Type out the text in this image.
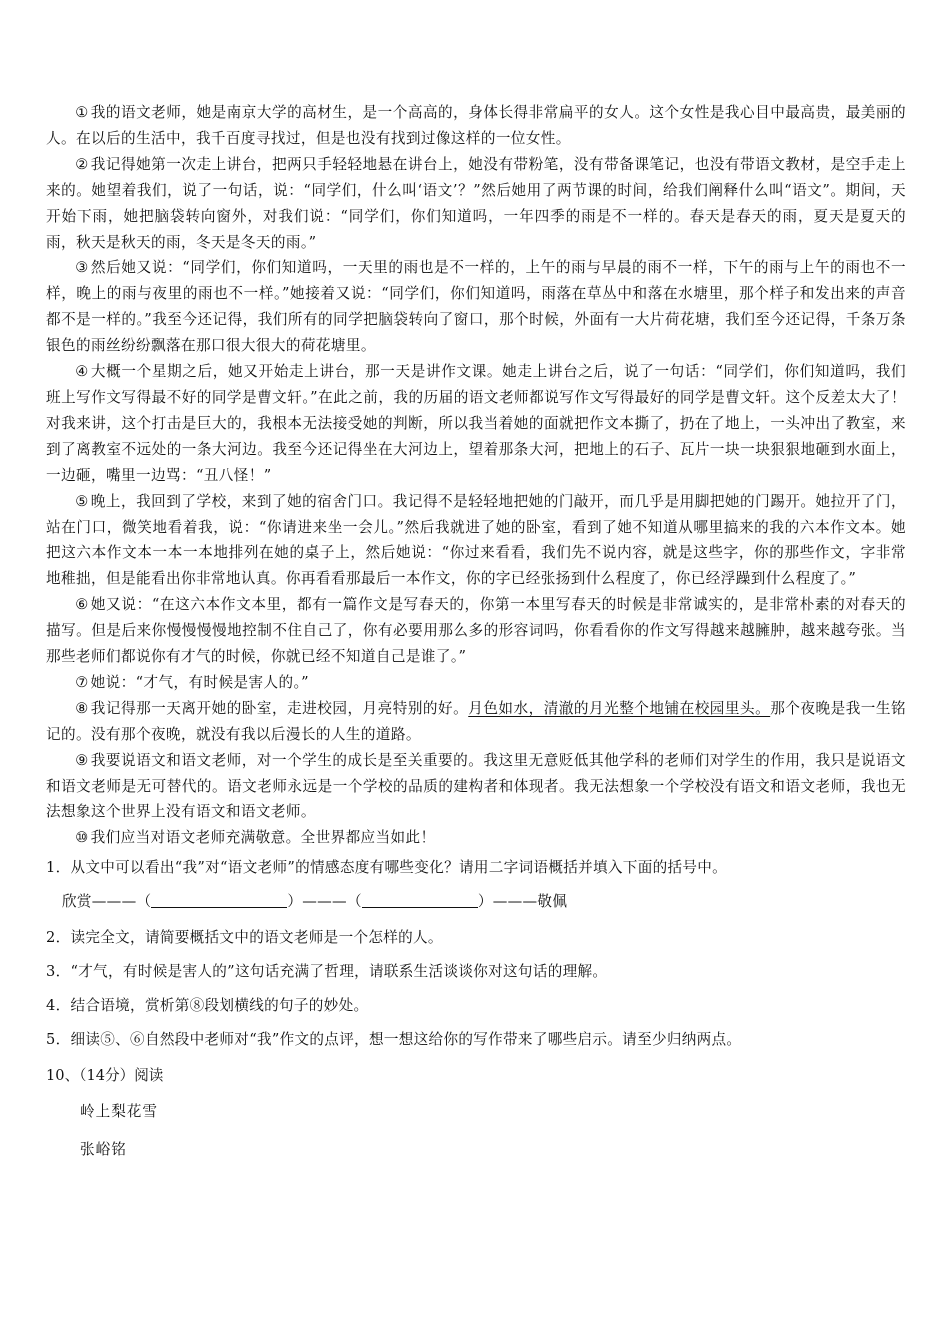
① 我的语文老师，她是南京大学的高材生，是一个高高的，身体长得非常扁平的女人。这个女性是我心目中最高贵，最美丽的人。在以后的生活中，我千百度寻找过，但是也没有找到过像这样的一位女性。

② 我记得她第一次走上讲台，把两只手轻轻地悬在讲台上，她没有带粉笔，没有带备课笔记，也没有带语文教材，是空手走上来的。她望着我们，说了一句话，说：“同学们，什么叫‘语文’？”然后她用了两节课的时间，给我们阐释什么叫“语文”。期间，天开始下雨，她把脑袋转向窗外，对我们说：“同学们，你们知道吗，一年四季的雨是不一样的。春天是春天的雨，夏天是夏天的雨，秋天是秋天的雨，冬天是冬天的雨。”

③ 然后她又说：“同学们，你们知道吗，一天里的雨也是不一样的，上午的雨与早晨的雨不一样，下午的雨与上午的雨也不一样，晚上的雨与夜里的雨也不一样。”她接着又说：“同学们，你们知道吗，雨落在草丛中和落在水塘里，那个样子和发出来的声音都不是一样的。”我至今还记得，我们所有的同学把脑袋转向了窗口，那个时候，外面有一大片荷花塘，我们至今还记得，千条万条银色的雨丝纷纷飘落在那口很大很大的荷花塘里。

④ 大概一个星期之后，她又开始走上讲台，那一天是讲作文课。她走上讲台之后，说了一句话：“同学们，你们知道吗，我们班上写作文写得最不好的同学是曹文轩。”在此之前，我的历届的语文老师都说写作文写得最好的同学是曹文轩。这个反差太大了！对我来讲，这个打击是巨大的，我根本无法接受她的判断，所以我当着她的面就把作文本撕了，扔在了地上，一头冲出了教室，来到了离教室不远处的一条大河边。我至今还记得坐在大河边上，望着那条大河，把地上的石子、瓦片一块一块狠狠地砸到水面上，一边砸，嘴里一边骂：“丑八怪！”

⑤ 晚上，我回到了学校，来到了她的宿舍门口。我记得不是轻轻地把她的门敲开，而几乎是用脚把她的门踢开。她拉开了门，站在门口，微笑地看着我，说：“你请进来坐一会儿。”然后我就进了她的卧室，看到了她不知道从哪里搞来的我的六本作文本。她把这六本作文本一本一本地排列在她的桌子上，然后她说：“你过来看看，我们先不说内容，就是这些字，你的那些作文，字非常地稚拙，但是能看出你非常地认真。你再看看那最后一本作文，你的字已经张扬到什么程度了，你已经浮躁到什么程度了。”

⑥ 她又说：“在这六本作文本里，都有一篇作文是写春天的，你第一本里写春天的时候是非常诚实的，是非常朴素的对春天的描写。但是后来你慢慢慢慢地控制不住自己了，你有必要用那么多的形容词吗，你看看你的作文写得越来越臃肿，越来越夸张。当那些老师们都说你有才气的时候，你就已经不知道自己是谁了。”

⑦ 她说：“才气，有时候是害人的。”

⑧ 我记得那一天离开她的卧室，走进校园，月亮特别的好。月色如水，清澈的月光整个地铺在校园里头。那个夜晚是我一生铭记的。没有那个夜晚，就没有我以后漫长的人生的道路。

⑨ 我要说语文和语文老师，对一个学生的成长是至关重要的。我这里无意贬低其他学科的老师们对学生的作用，我只是说语文和语文老师是无可替代的。语文老师永远是一个学校的品质的建构者和体现者。我无法想象一个学校没有语文和语文老师，我也无法想象这个世界上没有语文和语文老师。

⑩ 我们应当对语文老师充满敬意。全世界都应当如此！

1．从文中可以看出“我”对“语文老师”的情感态度有哪些变化？请用二字词语概括并填入下面的括号中。

欣赏———（	）———（	）———敬佩

2．读完全文，请简要概括文中的语文老师是一个怎样的人。

3．“才气，有时候是害人的”这句话充满了哲理，请联系生活谈谈你对这句话的理解。

4．结合语境，赏析第⑧段划横线的句子的妙处。

5．细读⑤、⑥自然段中老师对“我”作文的点评，想一想这给你的写作带来了哪些启示。请至少归纳两点。

10、（14分）阅读

岭上梨花雪

张峪铭
